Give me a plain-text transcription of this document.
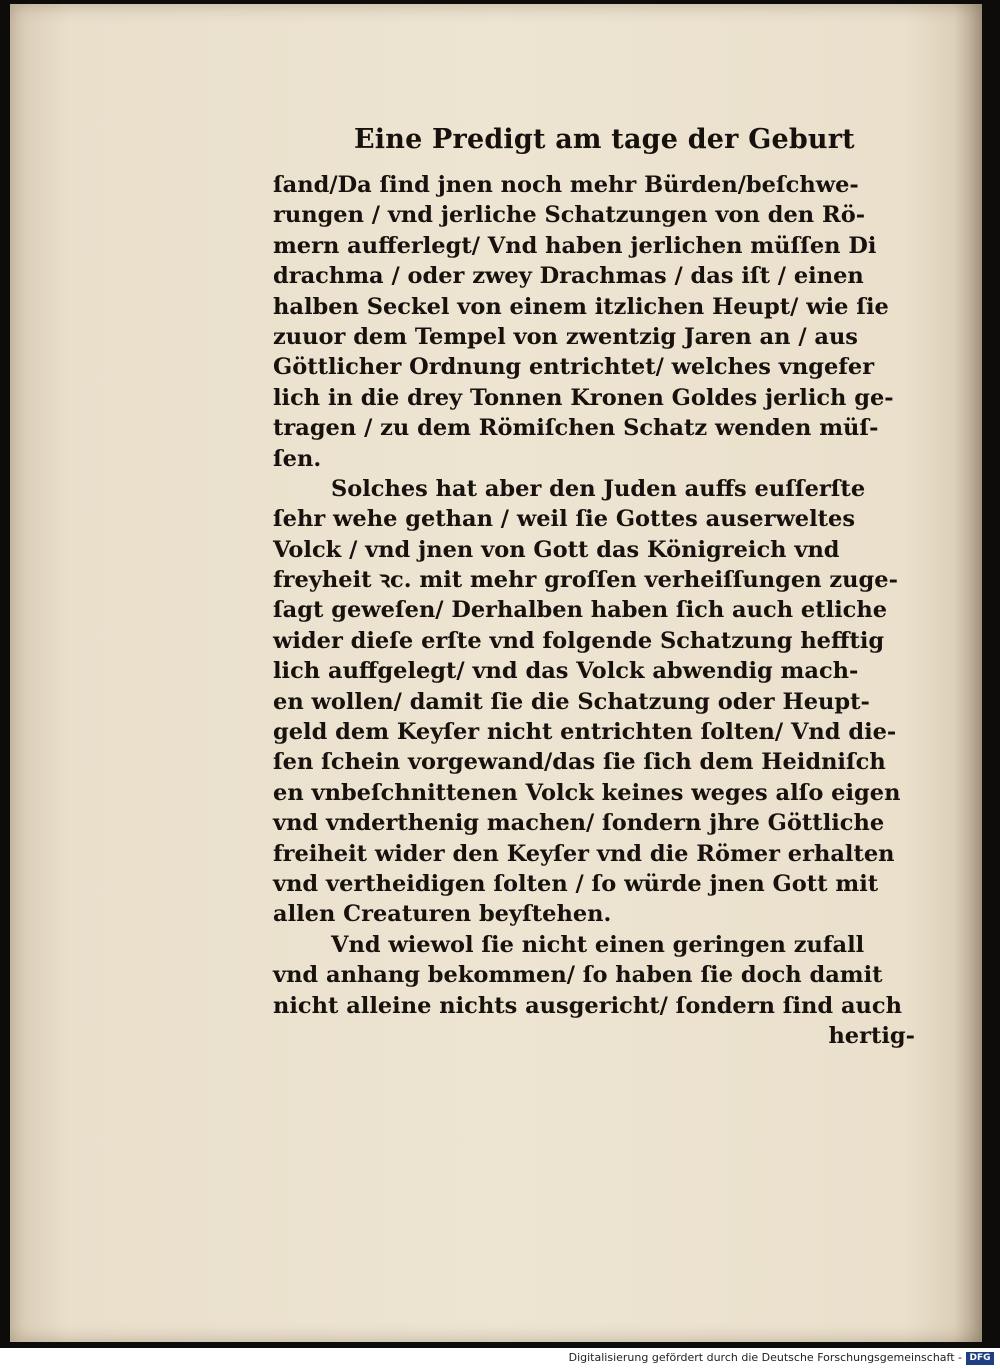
Eine Predigt am tage der Geburt
ſand/Da ſind jnen noch mehr Bürden/beſchwe-
rungen / vnd jerliche Schatzungen von den Rö-
mern aufferlegt/ Vnd haben jerlichen müſſen Di
drachma / oder zwey Drachmas / das iſt / einen
halben Seckel von einem itzlichen Heupt/ wie ſie
zuuor dem Tempel von zwentzig Jaren an / aus
Göttlicher Ordnung entrichtet/ welches vngefer
lich in die drey Tonnen Kronen Goldes jerlich ge-
tragen / zu dem Römiſchen Schatz wenden müſ-
ſen.
Solches hat aber den Juden auffs euſſerſte
ſehr wehe gethan / weil ſie Gottes auserweltes
Volck / vnd jnen von Gott das Königreich vnd
freyheit ꝛc. mit mehr groſſen verheiſſungen zuge-
ſagt geweſen/ Derhalben haben ſich auch etliche
wider dieſe erſte vnd folgende Schatzung hefftig
lich auffgelegt/ vnd das Volck abwendig mach-
en wollen/ damit ſie die Schatzung oder Heupt-
geld dem Keyſer nicht entrichten ſolten/ Vnd die-
ſen ſchein vorgewand/das ſie ſich dem Heidniſch
en vnbeſchnittenen Volck keines weges alſo eigen
vnd vnderthenig machen/ ſondern jhre Göttliche
freiheit wider den Keyſer vnd die Römer erhalten
vnd vertheidigen ſolten / ſo würde jnen Gott mit
allen Creaturen beyſtehen.
Vnd wiewol ſie nicht einen geringen zufall
vnd anhang bekommen/ ſo haben ſie doch damit
nicht alleine nichts ausgericht/ ſondern ſind auch
hertig-
Digitalisierung gefördert durch die Deutsche Forschungsgemeinschaft - DFG
